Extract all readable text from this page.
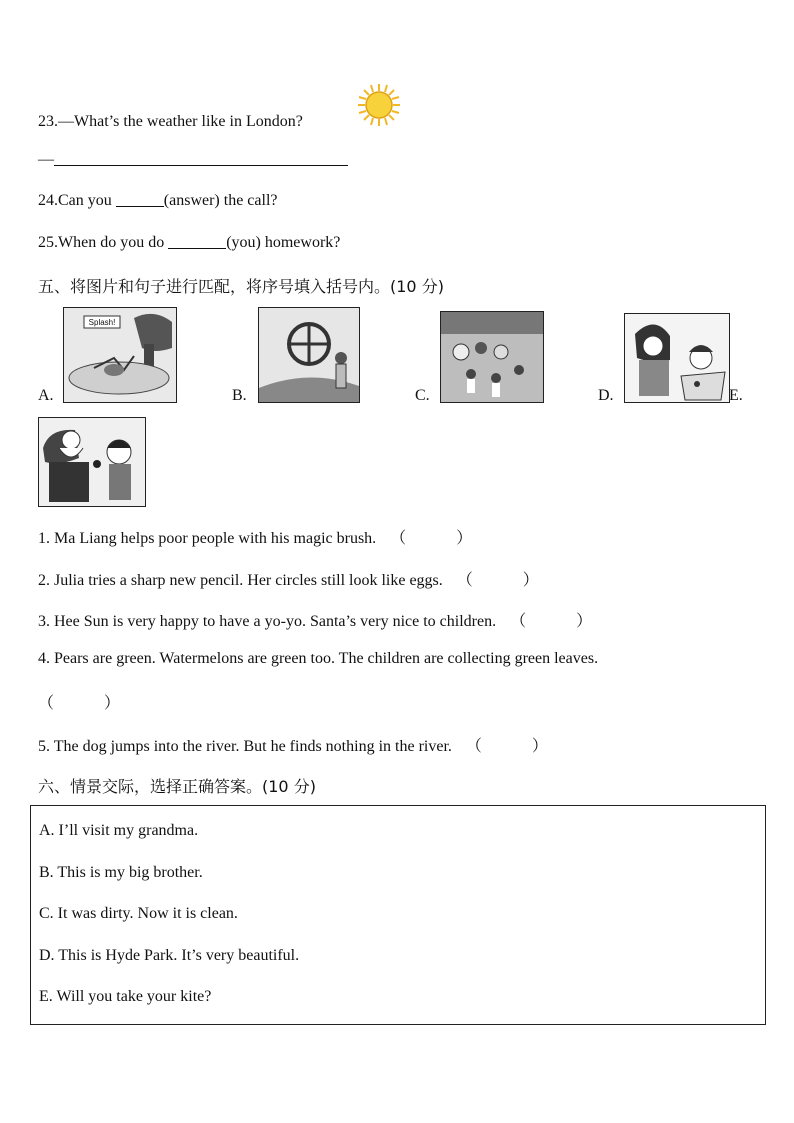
23.—What’s the weather like in London?
—
24.Can you	(answer) the call?
25.When do you do	(you) homework?
五、将图片和句子进行匹配，将序号填入括号内。(10 分)
A.
Splash!
B.	C.	D.	E.
1. Ma Liang helps poor people with his magic brush. （	）
2. Julia tries a sharp new pencil. Her circles still look like eggs. （	）
3. Hee Sun is very happy to have a yo-yo. Santa’s very nice to children. （	）
4. Pears are green. Watermelons are green too. The children are collecting green leaves.
（	）
5. The dog jumps into the river. But he finds nothing in the river. （	）
六、情景交际，选择正确答案。(10 分)
A. I’ll visit my grandma.
B. This is my big brother.
C. It was dirty. Now it is clean.
D. This is Hyde Park. It’s very beautiful.
E. Will you take your kite?
